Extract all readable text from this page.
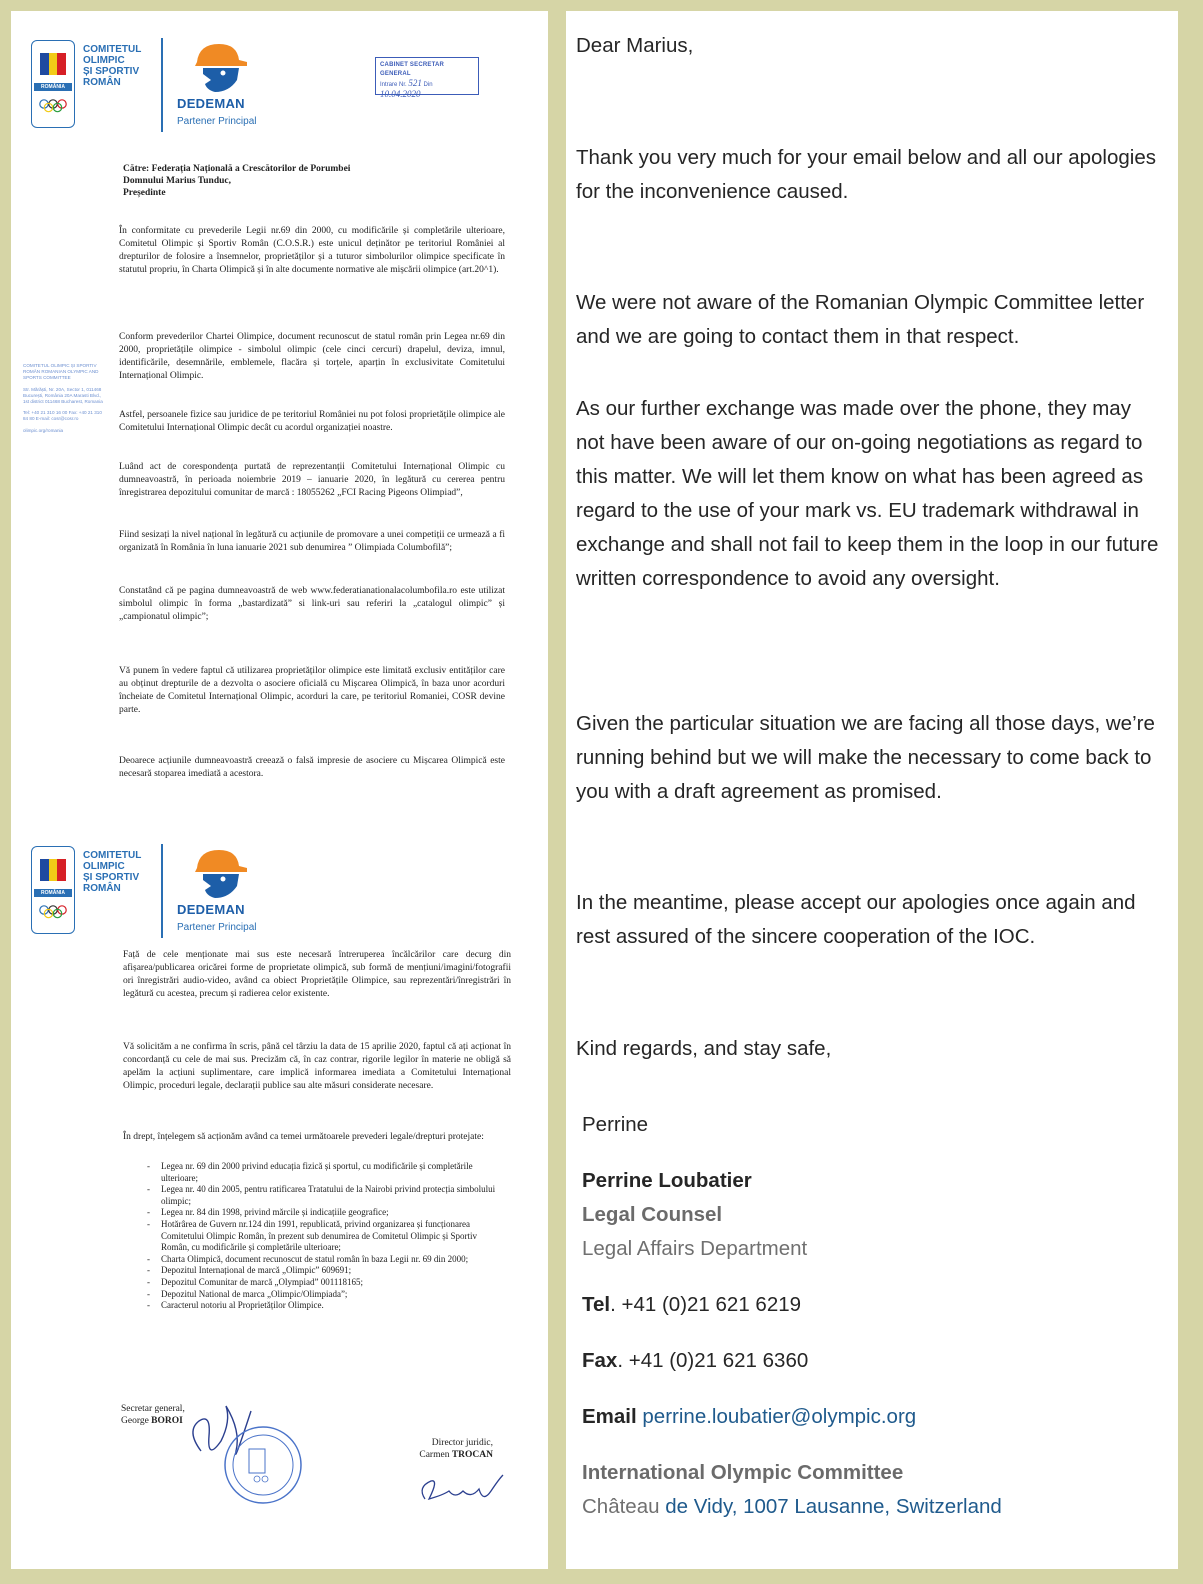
ROMÂNIA
COMITETUL
OLIMPIC
ȘI SPORTIV
ROMÂN
DEDEMAN
Partener Principal
CABINET SECRETAR GENERAL
Intrare Nr. 521 Din 10.04.2020
Către: Federația Națională a Crescătorilor de Porumbei
Domnului Marius Tunduc,
Președinte

COMITETUL OLIMPIC ȘI SPORTIV ROMÂN ROMANIAN OLYMPIC AND SPORTS COMMITTEE

Str. Mărăști, Nr. 20A, Sector 1, 011468 București, România 20A Marasti Blvd., 1st district 011468 Bucharest, Romania

Tel: +40 21 310 16 00 Fax: +40 21 310 84 80 E-mail: cosr@cosr.ro

olimpic.org/romania

În conformitate cu prevederile Legii nr.69 din 2000, cu modificările și completările ulterioare, Comitetul Olimpic și Sportiv Român (C.O.S.R.) este unicul deținător pe teritoriul României al drepturilor de folosire a însemnelor, proprietăților și a tuturor simbolurilor olimpice specificate în statutul propriu, în Charta Olimpică și în alte documente normative ale mișcării olimpice (art.20^1).
Conform prevederilor Chartei Olimpice, document recunoscut de statul român prin Legea nr.69 din 2000, proprietățile olimpice - simbolul olimpic (cele cinci cercuri) drapelul, deviza, imnul, identificările, desemnările, emblemele, flacăra și torțele, aparțin în exclusivitate Comitetului Internațional Olimpic.
Astfel, persoanele fizice sau juridice de pe teritoriul României nu pot folosi proprietățile olimpice ale Comitetului Internațional Olimpic decât cu acordul organizației noastre.
Luând act de corespondența purtată de reprezentanții Comitetului Internațional Olimpic cu dumneavoastră, în perioada noiembrie 2019 – ianuarie 2020, în legătură cu cererea pentru înregistrarea depozitului comunitar de marcă : 18055262 „FCI Racing Pigeons Olimpiad”,
Fiind sesizați la nivel național în legătură cu acțiunile de promovare a unei competiții ce urmează a fi organizată în România în luna ianuarie 2021 sub denumirea ” Olimpiada Columbofilă”;
Constatând că pe pagina dumneavoastră de web www.federatianationalacolumbofila.ro este utilizat simbolul olimpic în forma „bastardizată” si link-uri sau referiri la „catalogul olimpic” și „campionatul olimpic”;
Vă punem în vedere faptul că utilizarea proprietăților olimpice este limitată exclusiv entităților care au obținut drepturile de a dezvolta o asociere oficială cu Mișcarea Olimpică, în baza unor acorduri încheiate de Comitetul Internațional Olimpic, acorduri la care, pe teritoriul Romaniei, COSR devine parte.
Deoarece acțiunile dumneavoastră creează o falsă impresie de asociere cu Mișcarea Olimpică este necesară stoparea imediată a acestora.
ROMÂNIA
COMITETUL
OLIMPIC
ȘI SPORTIV
ROMÂN
DEDEMAN
Partener Principal
Față de cele menționate mai sus este necesară întreruperea încălcărilor care decurg din afișarea/publicarea oricărei forme de proprietate olimpică, sub formă de mențiuni/imagini/fotografii ori înregistrări audio-video, având ca obiect Proprietățile Olimpice, sau reprezentări/înregistrări în legătură cu acestea, precum și radierea celor existente.
Vă solicităm a ne confirma în scris, până cel târziu la data de 15 aprilie 2020, faptul că ați acționat în concordanță cu cele de mai sus. Precizăm că, în caz contrar, rigorile legilor în materie ne obligă să apelăm la acțiuni suplimentare, care implică informarea imediata a Comitetului Internațional Olimpic, proceduri legale, declarații publice sau alte măsuri considerate necesare.
În drept, înțelegem să acționăm având ca temei următoarele prevederi legale/drepturi protejate:
- Legea nr. 69 din 2000 privind educația fizică și sportul, cu modificările și completările ulterioare;
- Legea nr. 40 din 2005, pentru ratificarea Tratatului de la Nairobi privind protecția simbolului olimpic;
- Legea nr. 84 din 1998, privind mărcile și indicațiile geografice;
- Hotărârea de Guvern nr.124 din 1991, republicată, privind organizarea și funcționarea Comitetului Olimpic Român, în prezent sub denumirea de Comitetul Olimpic și Sportiv Român, cu modificările și completările ulterioare;
- Charta Olimpică, document recunoscut de statul român în baza Legii nr. 69 din 2000;
- Depozitul Internațional de marcă „Olimpic” 609691;
- Depozitul Comunitar de marcă „Olympiad” 001118165;
- Depozitul National de marca „Olimpic/Olimpiada”;
- Caracterul notoriu al Proprietăților Olimpice.
Secretar general,
George BOROI
Director juridic,
Carmen TROCAN
Dear Marius,
Thank you very much for your email below and all our apologies for the inconvenience caused.
We were not aware of the Romanian Olympic Committee letter and we are going to contact them in that respect.
As our further exchange was made over the phone, they may not have been aware of our on-going negotiations as regard to this matter. We will let them know on what has been agreed as regard to the use of your mark vs. EU trademark withdrawal in exchange and shall not fail to keep them in the loop in our future written correspondence to avoid any oversight.
Given the particular situation we are facing all those days, we’re running behind but we will make the necessary to come back to you with a draft agreement as promised.
In the meantime, please accept our apologies once again and rest assured of the sincere cooperation of the IOC.
Kind regards, and stay safe,
Perrine
Perrine Loubatier
Legal Counsel
Legal Affairs Department
Tel. +41 (0)21 621 6219
Fax. +41 (0)21 621 6360
Email perrine.loubatier@olympic.org
International Olympic Committee
Château de Vidy, 1007 Lausanne, Switzerland
